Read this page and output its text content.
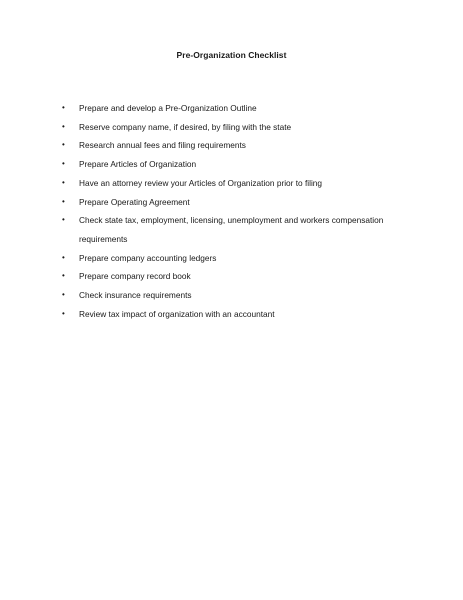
Pre-Organization Checklist
• Prepare and develop a Pre-Organization Outline
• Reserve company name, if desired, by filing with the state
• Research annual fees and filing requirements
• Prepare Articles of Organization
• Have an attorney review your Articles of Organization prior to filing
• Prepare Operating Agreement
• Check state tax, employment, licensing, unemployment and workers compensation requirements
• Prepare company accounting ledgers
• Prepare company record book
• Check insurance requirements
• Review tax impact of organization with an accountant
